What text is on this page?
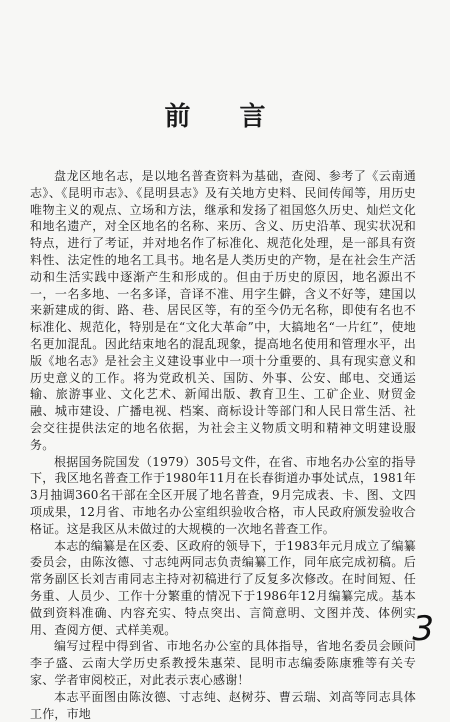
前 言

盘龙区地名志，是以地名普查资料为基础，查阅、参考了《云南通志》、《昆明市志》、《昆明县志》及有关地方史料、民间传闻等，用历史唯物主义的观点、立场和方法，继承和发扬了祖国悠久历史、灿烂文化和地名遗产，对全区地名的名称、来历、含义、历史沿革、现实状况和特点，进行了考证，并对地名作了标准化、规范化处理，是一部具有资料性、法定性的地名工具书。地名是人类历史的产物，是在社会生产活动和生活实践中逐渐产生和形成的。但由于历史的原因，地名源出不一，一名多地、一名多译，音译不准、用字生僻，含义不好等，建国以来新建成的街、路、巷、居民区等，有的至今仍无名称，即使有名也不标准化、规范化，特别是在“文化大革命”中，大搞地名“一片红”，使地名更加混乱。因此结束地名的混乱现象，提高地名使用和管理水平，出版《地名志》是社会主义建设事业中一项十分重要的、具有现实意义和历史意义的工作。将为党政机关、国防、外事、公安、邮电、交通运输、旅游事业、文化艺术、新闻出版、教育卫生、工矿企业、财贸金融、城市建设、广播电视、档案、商标设计等部门和人民日常生活、社会交往提供法定的地名依据，为社会主义物质文明和精神文明建设服务。

根据国务院国发（1979）305号文件，在省、市地名办公室的指导下，我区地名普查工作于1980年11月在长春街道办事处试点，1981年3月抽调360名干部在全区开展了地名普查，9月完成表、卡、图、文四项成果，12月省、市地名办公室组织验收合格，市人民政府颁发验收合格证。这是我区从未做过的大规模的一次地名普查工作。

本志的编纂是在区委、区政府的领导下，于1983年元月成立了编纂委员会，由陈汝德、寸志纯两同志负责编纂工作，同年底完成初稿。后常务副区长刘吉甫同志主持对初稿进行了反复多次修改。在时间短、任务重、人员少、工作十分繁重的情况下于1986年12月编纂完成。基本做到资料准确、内容充实、特点突出、言简意明、文图并茂、体例实用、查阅方便、式样美观。

编写过程中得到省、市地名办公室的具体指导，省地名委员会顾问李子盛、云南大学历史系教授朱惠荣、昆明市志编委陈康雅等有关专家、学者审阅校正，对此表示衷心感谢！

本志平面图由陈汝德、寸志纯、赵树芬、曹云瑞、刘高等同志具体工作，市地

3
